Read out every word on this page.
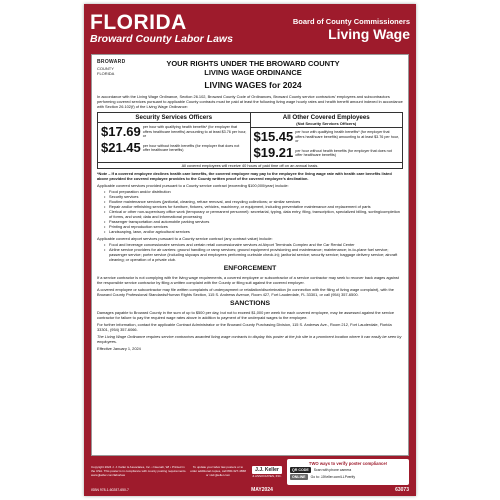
FLORIDA
Broward County Labor Laws
Board of County Commissioners
Living Wage
BROWARD
COUNTY
FLORIDA
YOUR RIGHTS UNDER THE BROWARD COUNTY
LIVING WAGE ORDINANCE
LIVING WAGES for 2024

In accordance with the Living Wage Ordinance, Section 26.102, Broward County Code of Ordinances, Broward County service contractors' employees and subcontractors performing covered services pursuant to applicable County contracts must be paid at least the following living wage hourly rates and health benefit amount indexed in accordance with Section 26.102(f) of the Living Wage Ordinance:

Security Services Officers
$17.69 per hour with qualifying health benefits* (for employer that offers healthcare benefits) amounting to at least $3.76 per hour, or
$21.45 per hour without health benefits (for employer that does not offer healthcare benefits)
All Other Covered Employees
(Not Security Services Officers)
$15.45 per hour with qualifying health benefits* (for employer that offers healthcare benefits) amounting to at least $3.76 per hour, or
$19.21 per hour without health benefits (for employer that does not offer healthcare benefits)
All covered employees will receive 40 hours of paid time off on an annual basis.

*Note – If a covered employee declines health care benefits, the covered employee may pay to the employee the living wage rate with health care benefits listed above provided the covered employee provides to the County written proof of the covered employee's declination.

Applicable covered services provided pursuant to a County service contract (exceeding $100,000/year) include:

• Food preparation and/or distribution
• Security services
• Routine maintenance services (janitorial, cleaning, refuse removal, and recycling collections; or similar services
• Repair and/or refinishing services for furniture, fixtures, vehicles, machinery, or equipment, including preventative maintenance and replacement of parts
• Clerical or other non-supervisory office work (temporary or permanent personnel): secretarial, typing, data entry, filing, transcription, specialized billing, sorting/completion of forms, and word; data and informational processing
• Passenger transportation and automobile parking services
• Printing and reproduction services
• Landscaping, lawn, and/or agricultural services

Applicable covered airport services pursuant to a County service contract (any contract value) include:

• Food and beverage concessionaire services and certain retail concessionaire services at Airport Terminals Complex and the Car Rental Center
• Airline service providers for air carriers: ground handling or ramp services; ground equipment provisioning and maintenance; maintenance; in-to-plane fuel service; passenger service; porter service (including skycaps and employees performing curbside check-in); janitorial service; security service; baggage delivery service; aircraft cleaning; or operation of a private club.
ENFORCEMENT

If a service contractor is not complying with the living wage requirements, a covered employee or subcontractor of a service contractor may seek to recover back wages against the responsible service contractor by filing a written complaint with the County or filing suit against the covered employer.

A covered employee or subcontractor may file written complaints of underpayment or retaliation/discrimination (in connection with the filing of living wage complaint), with the Broward County Professional Standards/Human Rights Section, 115 S. Andrews Avenue, Room 427, Fort Lauderdale, FL 33301, or call (954) 357-6500.

SANCTIONS

Damages payable to Broward County in the sum of up to $500 per day, but not to exceed $1,000 per week for each covered employee, may be assessed against the service contractor for failure to pay the required wage rates above in addition to payment of the underpaid wages to the employee.

For further information, contact the applicable Contract Administrator or the Broward County Purchasing Division, 115 S. Andrews Ave., Room 212, Fort Lauderdale, Florida 33301, (954) 357-6066.

The Living Wage Ordinance requires service contractors awarded living wage contracts to display this poster at the job site in a prominent location where it can easily be seen by employees.

Effective January 1, 2024

Copyright 2024 J. J. Keller & Associates, Inc. • Neenah, WI • Printed in the USA. This poster is in compliance with county posting requirements. www.jjkeller.com/laborlaw
To update your labor law posters or to order additional copies, call 800-327-4868 or visit jjkeller.com
J.J. Keller
& ASSOCIATES, INC.
TWO ways to verify poster compliance!
QR CODE	Scan with phone camera
ONLINE	Go to: JJKeller.com/LLPverify
ISBN 978-1-60287-650-7	MAY2024	63073
